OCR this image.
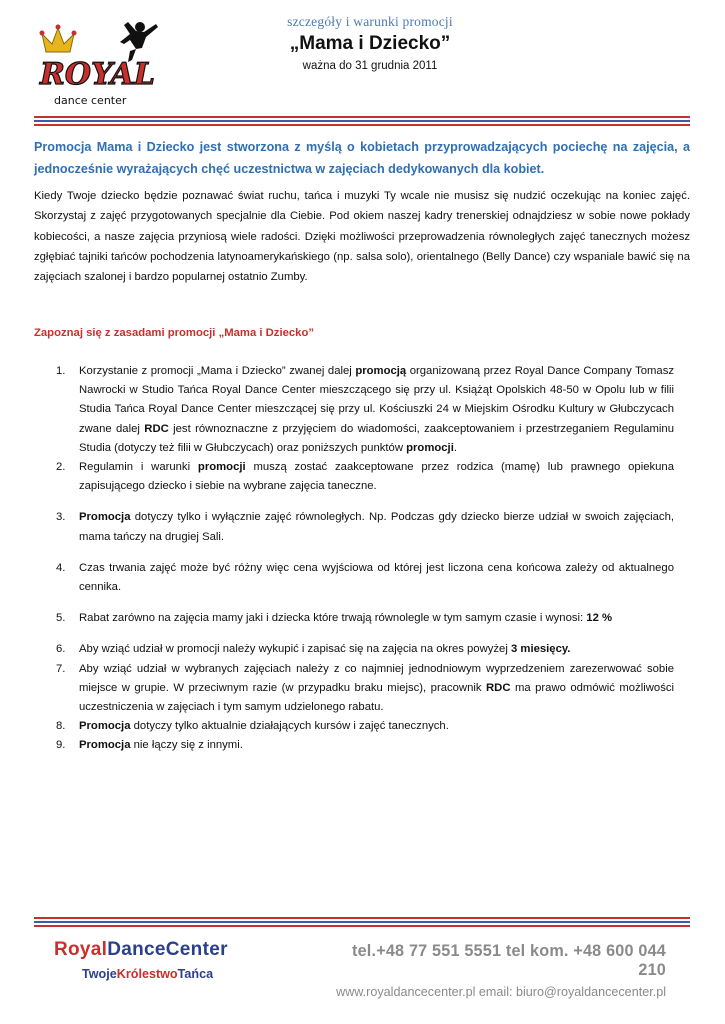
ROYAL
dance center
szczegóły i warunki promocji
„Mama i Dziecko”
ważna do 31 grudnia 2011
Promocja Mama i Dziecko jest stworzona z myślą o kobietach przyprowadzających pociechę na zajęcia, a jednocześnie wyrażających chęć uczestnictwa w zajęciach dedykowanych dla kobiet.
Kiedy Twoje dziecko będzie poznawać świat ruchu, tańca i muzyki Ty wcale nie musisz się nudzić oczekując na koniec zajęć. Skorzystaj z zajęć przygotowanych specjalnie dla Ciebie. Pod okiem naszej kadry trenerskiej odnajdziesz w sobie nowe pokłady kobiecości, a nasze zajęcia przyniosą wiele radości. Dzięki możliwości przeprowadzenia równoległych zajęć tanecznych możesz zgłębiać tajniki tańców pochodzenia latynoamerykańskiego (np. salsa solo), orientalnego (Belly Dance) czy wspaniale bawić się na zajęciach szalonej i bardzo popularnej ostatnio Zumby.
Zapoznaj się z zasadami promocji „Mama i Dziecko”
1. Korzystanie z promocji „Mama i Dziecko” zwanej dalej promocją organizowaną przez Royal Dance Company Tomasz Nawrocki w Studio Tańca Royal Dance Center mieszczącego się przy ul. Książąt Opolskich 48-50 w Opolu lub w filii Studia Tańca Royal Dance Center mieszczącej się przy ul. Kościuszki 24 w Miejskim Ośrodku Kultury w Głubczycach zwane dalej RDC jest równoznaczne z przyjęciem do wiadomości, zaakceptowaniem i przestrzeganiem Regulaminu Studia (dotyczy też filii w Głubczycach) oraz poniższych punktów promocji.
2. Regulamin i warunki promocji muszą zostać zaakceptowane przez rodzica (mamę) lub prawnego opiekuna zapisującego dziecko i siebie na wybrane zajęcia taneczne.
3. Promocja dotyczy tylko i wyłącznie zajęć równoległych. Np. Podczas gdy dziecko bierze udział w swoich zajęciach, mama tańczy na drugiej Sali.
4. Czas trwania zajęć może być różny więc cena wyjściowa od której jest liczona cena końcowa zależy od aktualnego cennika.
5. Rabat zarówno na zajęcia mamy jaki i dziecka które trwają równolegle w tym samym czasie i wynosi: 12 %
6. Aby wziąć udział w promocji należy wykupić i zapisać się na zajęcia na okres powyżej 3 miesięcy.
7. Aby wziąć udział w wybranych zajęciach należy z co najmniej jednodniowym wyprzedzeniem zarezerwować sobie miejsce w grupie. W przeciwnym razie (w przypadku braku miejsc), pracownik RDC ma prawo odmówić możliwości uczestniczenia w zajęciach i tym samym udzielonego rabatu.
8. Promocja dotyczy tylko aktualnie działających kursów i zajęć tanecznych.
9. Promocja nie łączy się z innymi.
RoyalDanceCenter
TwojeKrólestwoTańca
tel.+48 77 551 5551 tel kom. +48 600 044 210
www.royaldancecenter.pl email: biuro@royaldancecenter.pl
